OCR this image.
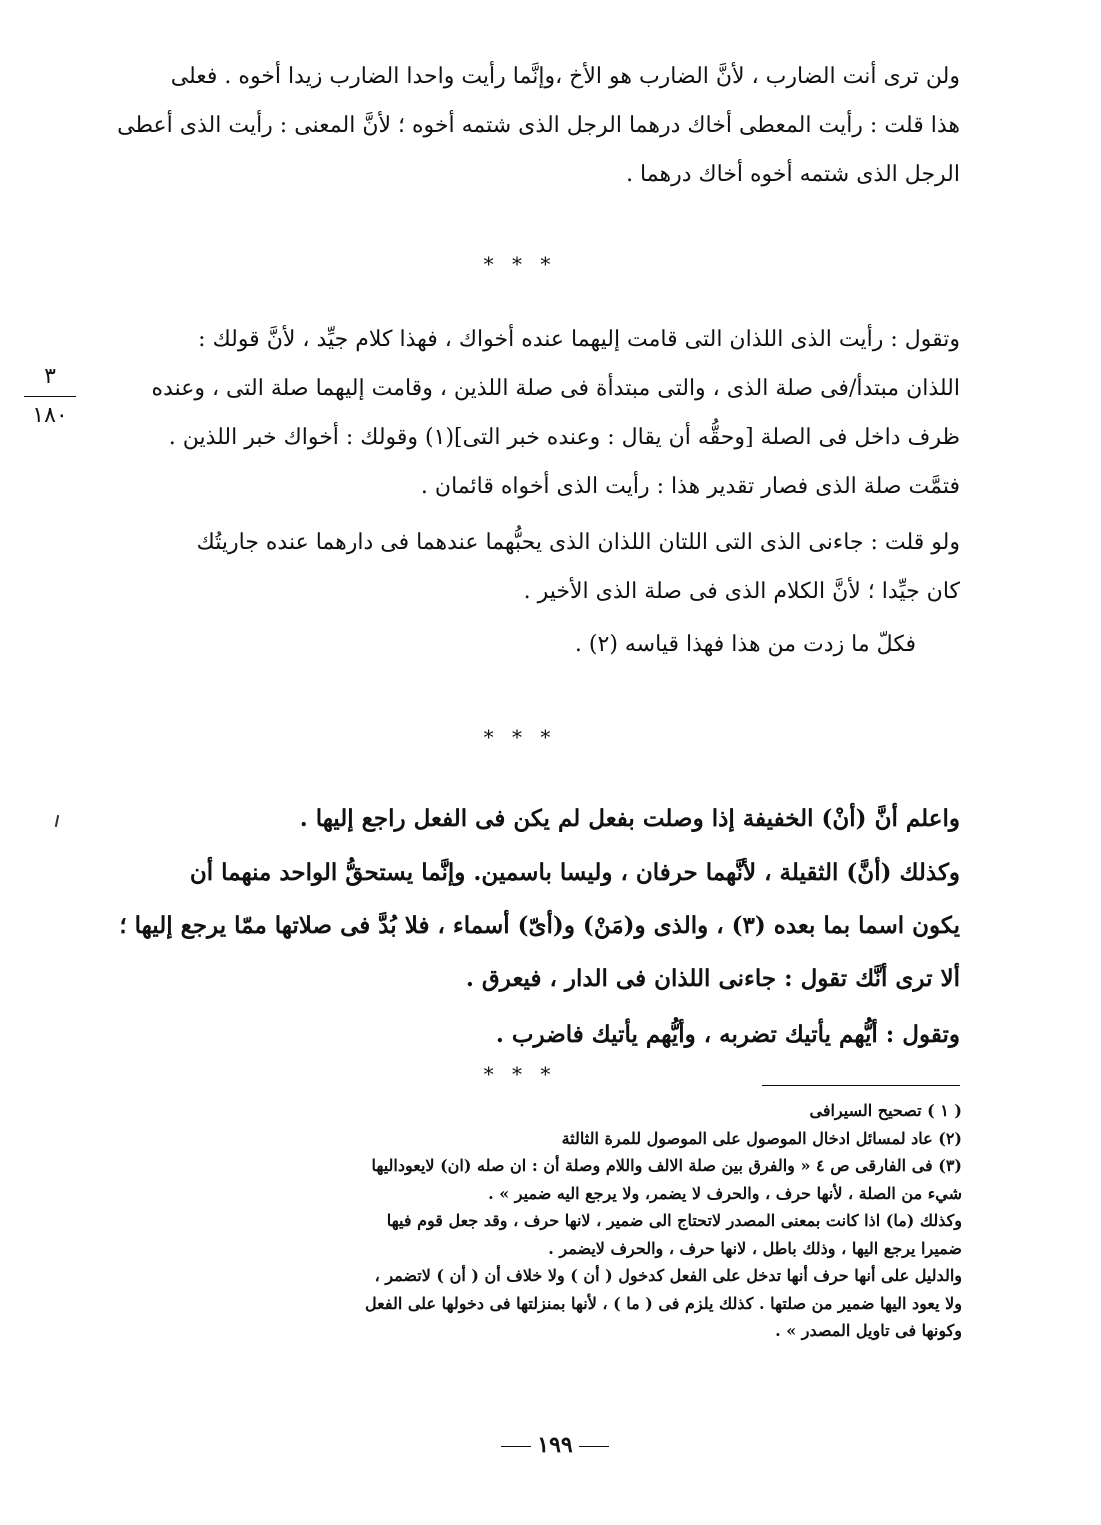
ولن ترى أنت الضارب ، لأنَّ الضارب هو الأخ ،وإنَّما رأيت واحدا الضارب زيدا أخوه . فعلى
هذا قلت : رأيت المعطى أخاك درهما الرجل الذى شتمه أخوه ؛ لأنَّ المعنى : رأيت الذى أعطى
الرجل الذى شتمه أخوه أخاك درهما .
* * *
وتقول : رأيت الذى اللذان التى قامت إليهما عنده أخواك ، فهذا كلام جيِّد ، لأنَّ قولك :
اللذان مبتدأ/فى صلة الذى ، والتى مبتدأة فى صلة اللذين ، وقامت إليهما صلة التى ، وعنده
ظرف داخل فى الصلة [وحقُّه أن يقال : وعنده خبر التى](١) وقولك : أخواك خبر اللذين .
فتمَّت صلة الذى فصار تقدير هذا : رأيت الذى أخواه قائمان .
٣
١٨٠
ولو قلت : جاءنى الذى التى اللتان اللذان الذى يحبُّهما عندهما فى دارهما عنده جاريتُك
كان جيِّدا ؛ لأنَّ الكلام الذى فى صلة الذى الأخير .
فكلّ ما زدت من هذا فهذا قياسه (٢) .
* * *
واعلم أنَّ (أنْ) الخفيفة إذا وصلت بفعل لم يكن فى الفعل راجع إليها .
وكذلك (أنَّ) الثقيلة ، لأنَّهما حرفان ، وليسا باسمين. وإنَّما يستحقُّ الواحد منهما أن
يكون اسما بما بعده (٣) ، والذى و(مَنْ) و(أىّ) أسماء ، فلا بُدَّ فى صلاتها ممّا يرجع إليها ؛
ألا ترى أنَّك تقول : جاءنى اللذان فى الدار ، فيعرق .
وتقول : أيُّهم يأتيك تضربه ، وأيُّهم يأتيك فاضرب .
* * *
( ١ ) تصحيح السيرافى
(٢) عاد لمسائل ادخال الموصول على الموصول للمرة الثالثة
(٣) فى الفارقى ص ٤ « والفرق بين صلة الالف واللام وصلة أن : ان صله (ان) لايعوداليها
شيء من الصلة ، لأنها حرف ، والحرف لا يضمر، ولا يرجع اليه ضمير » .
وكذلك (ما) اذا كانت بمعنى المصدر لاتحتاج الى ضمير ، لانها حرف ، وقد جعل قوم فيها
ضميرا يرجع اليها ، وذلك باطل ، لانها حرف ، والحرف لايضمر .
والدليل على أنها حرف أنها تدخل على الفعل كدخول ( أن ) ولا خلاف أن ( أن ) لاتضمر ،
ولا يعود اليها ضمير من صلتها . كذلك يلزم فى ( ما ) ، لأنها بمنزلتها فى دخولها على الفعل
وكونها فى تاويل المصدر » .
١٩٩
